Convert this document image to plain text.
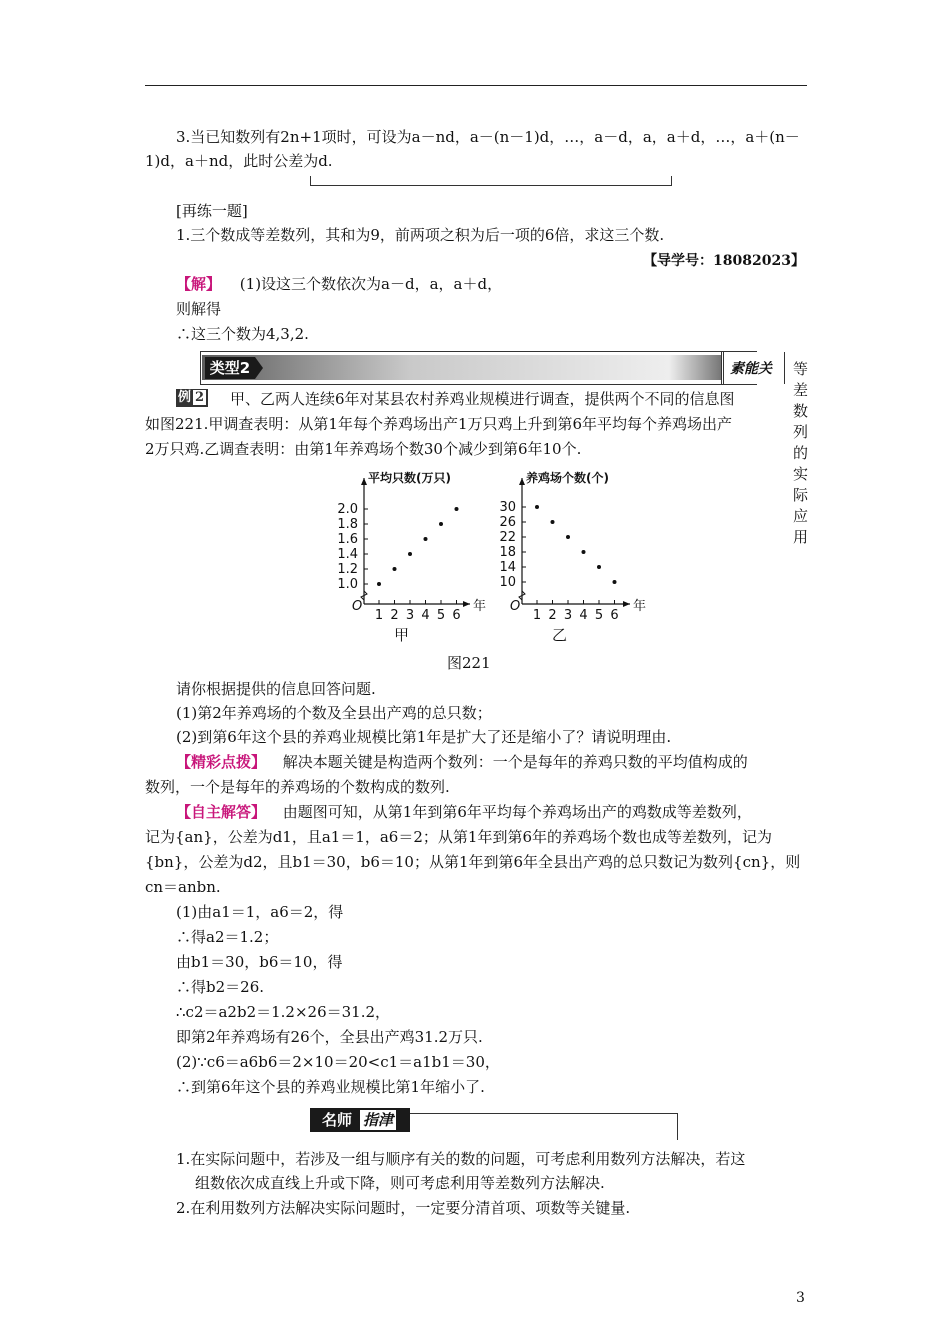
3.当已知数列有2n+1项时，可设为a－nd，a－(n－1)d，…，a－d，a，a＋d，…，a＋(n－
1)d，a＋nd，此时公差为d.
[再练一题]
1.三个数成等差数列，其和为9，前两项之积为后一项的6倍，求这三个数.
【导学号：18082023】
【解】 (1)设这三个数依次为a－d，a，a＋d，
则解得
∴这三个数为4,3,2.
类型2	素能关 等差数列的实际应用
例 2 甲、乙两人连续6年对某县农村养鸡业规模进行调查，提供两个不同的信息图
如图221.甲调查表明：从第1年每个养鸡场出产1万只鸡上升到第6年平均每个养鸡场出产
2万只鸡.乙调查表明：由第1年养鸡场个数30个减少到第6年10个.
平均只数(万只)
O	年
2.0
1.8
1.6
1.4
1.2
1.0
1 2 3 4 5 6
甲
养鸡场个数(个)
O	年
30
26
22
18
14
10
1 2 3 4 5 6
乙
图221
请你根据提供的信息回答问题.
(1)第2年养鸡场的个数及全县出产鸡的总只数；
(2)到第6年这个县的养鸡业规模比第1年是扩大了还是缩小了？请说明理由.
【精彩点拨】 解决本题关键是构造两个数列：一个是每年的养鸡只数的平均值构成的
数列，一个是每年的养鸡场的个数构成的数列.
【自主解答】 由题图可知，从第1年到第6年平均每个养鸡场出产的鸡数成等差数列，
记为{an}，公差为d1，且a1＝1，a6＝2；从第1年到第6年的养鸡场个数也成等差数列，记为
{bn}，公差为d2，且b1＝30，b6＝10；从第1年到第6年全县出产鸡的总只数记为数列{cn}，则
cn＝anbn.
(1)由a1＝1，a6＝2，得
∴得a2＝1.2；
由b1＝30，b6＝10，得
∴得b2＝26.
∴c2＝a2b2＝1.2×26＝31.2，
即第2年养鸡场有26个，全县出产鸡31.2万只.
(2)∵c6＝a6b6＝2×10＝20<c1＝a1b1＝30，
∴到第6年这个县的养鸡业规模比第1年缩小了.
名师 指津
1.在实际问题中，若涉及一组与顺序有关的数的问题，可考虑利用数列方法解决，若这
组数依次成直线上升或下降，则可考虑利用等差数列方法解决.
2.在利用数列方法解决实际问题时，一定要分清首项、项数等关键量.
3
